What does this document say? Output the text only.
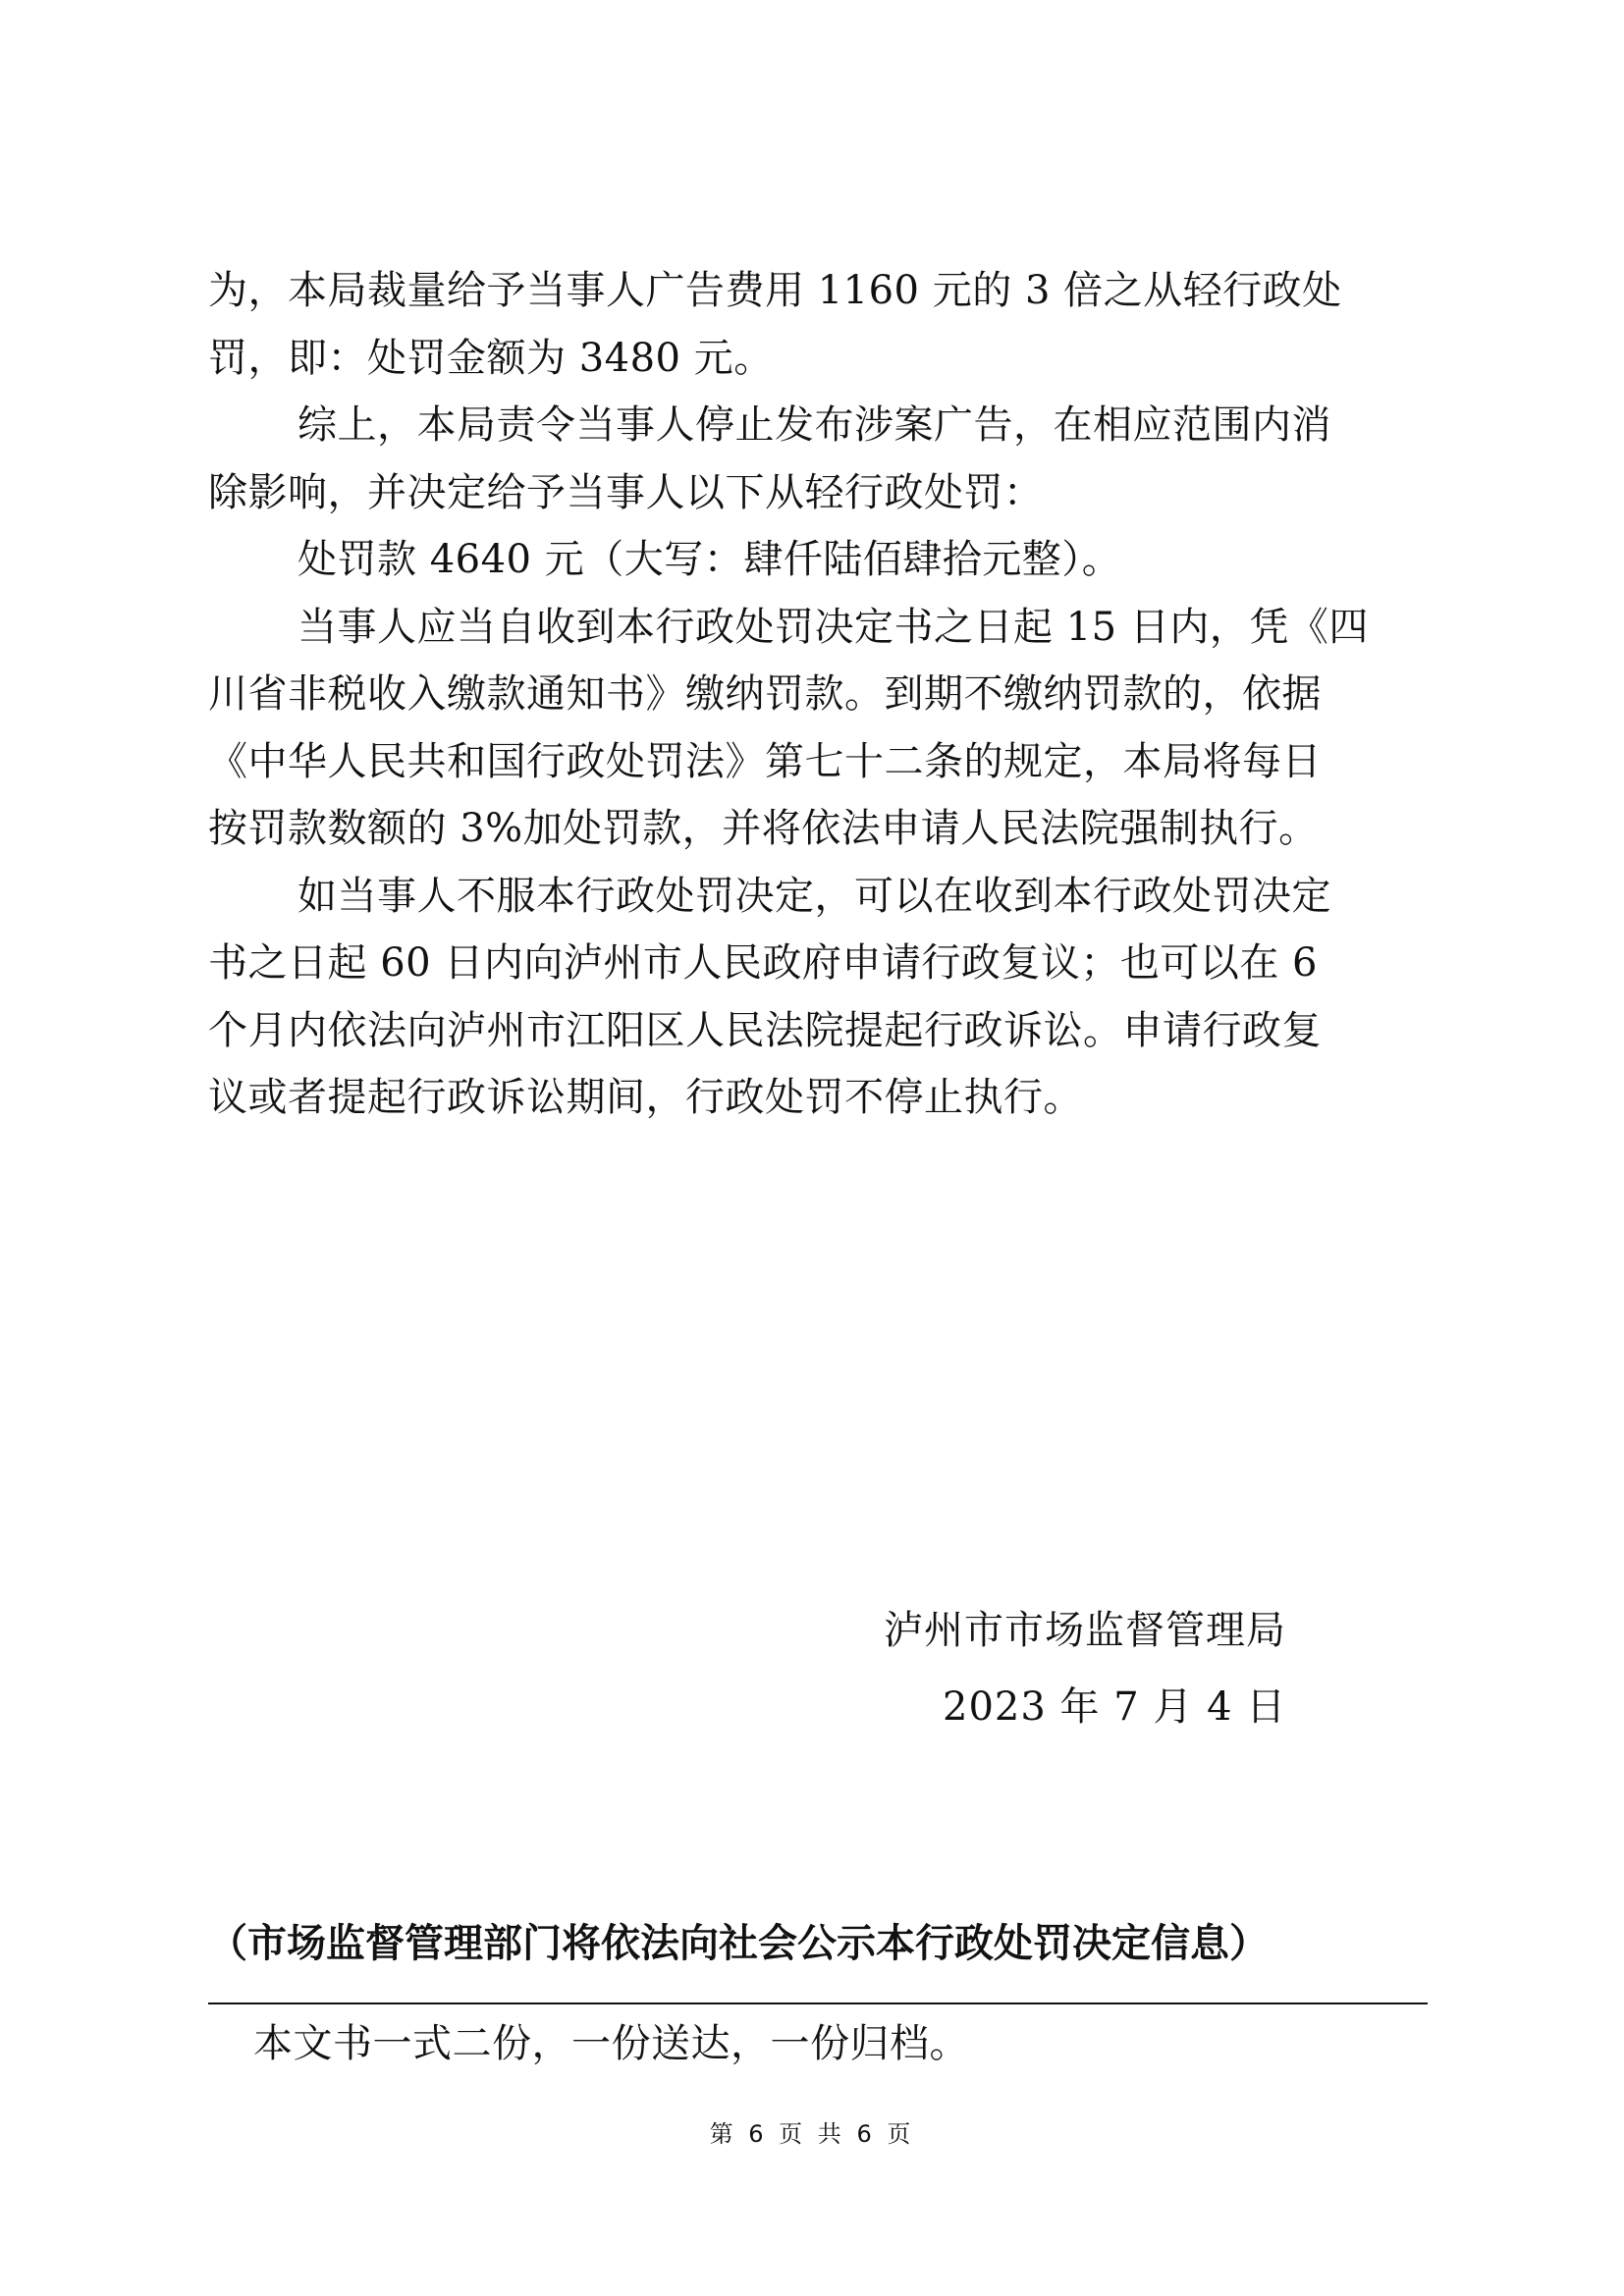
为，本局裁量给予当事人广告费用 1160 元的 3 倍之从轻行政处
罚，即：处罚金额为 3480 元。
综上，本局责令当事人停止发布涉案广告，在相应范围内消
除影响，并决定给予当事人以下从轻行政处罚：
处罚款 4640 元（大写：肆仟陆佰肆拾元整）。
当事人应当自收到本行政处罚决定书之日起 15 日内，凭《四
川省非税收入缴款通知书》缴纳罚款。到期不缴纳罚款的，依据
《中华人民共和国行政处罚法》第七十二条的规定，本局将每日
按罚款数额的 3%加处罚款，并将依法申请人民法院强制执行。
如当事人不服本行政处罚决定，可以在收到本行政处罚决定
书之日起 60 日内向泸州市人民政府申请行政复议；也可以在 6
个月内依法向泸州市江阳区人民法院提起行政诉讼。申请行政复
议或者提起行政诉讼期间，行政处罚不停止执行。
泸州市市场监督管理局
2023 年 7 月 4 日
（市场监督管理部门将依法向社会公示本行政处罚决定信息）
本文书一式二份，一份送达，一份归档。
第 6 页 共 6 页
